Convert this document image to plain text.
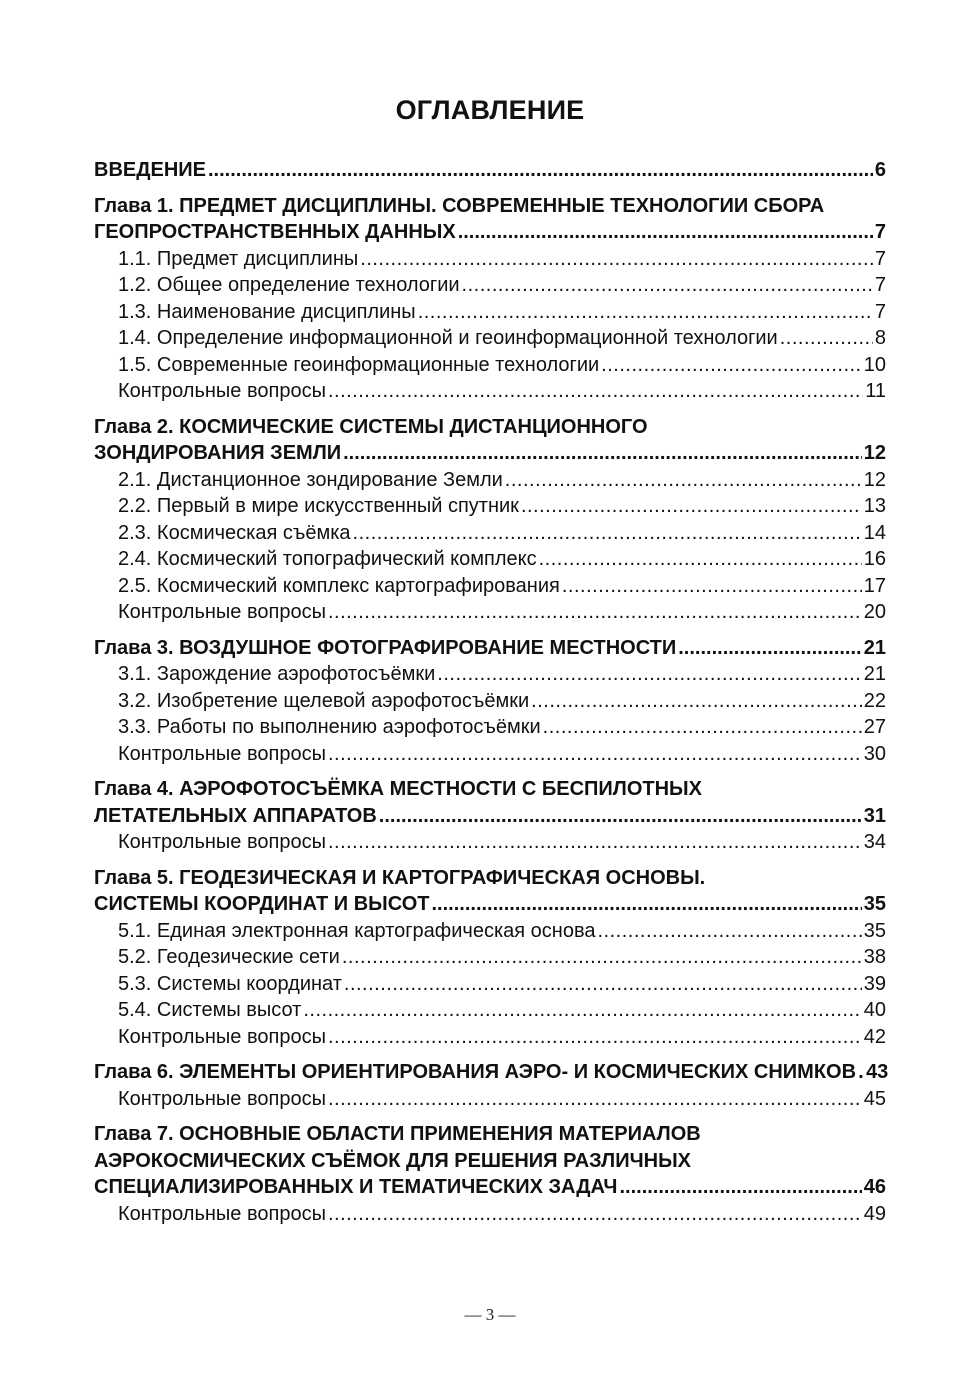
ОГЛАВЛЕНИЕ
ВВЕДЕНИЕ .....	6
Глава 1. ПРЕДМЕТ ДИСЦИПЛИНЫ. СОВРЕМЕННЫЕ ТЕХНОЛОГИИ СБОРА
ГЕОПРОСТРАНСТВЕННЫХ ДАННЫХ .....	7
1.1. Предмет дисциплины .....	7
1.2. Общее определение технологии .....	7
1.3. Наименование дисциплины .....	7
1.4. Определение информационной и геоинформационной технологии .....	8
1.5. Современные геоинформационные технологии .....	10
Контрольные вопросы .....	11
Глава 2. КОСМИЧЕСКИЕ СИСТЕМЫ ДИСТАНЦИОННОГО
ЗОНДИРОВАНИЯ ЗЕМЛИ .....	12
2.1. Дистанционное зондирование Земли .....	12
2.2. Первый в мире искусственный спутник .....	13
2.3. Космическая съёмка .....	14
2.4. Космический топографический комплекс .....	16
2.5. Космический комплекс картографирования .....	17
Контрольные вопросы .....	20
Глава 3. ВОЗДУШНОЕ ФОТОГРАФИРОВАНИЕ МЕСТНОСТИ .....	21
3.1. Зарождение аэрофотосъёмки .....	21
3.2. Изобретение щелевой аэрофотосъёмки .....	22
3.3. Работы по выполнению аэрофотосъёмки .....	27
Контрольные вопросы .....	30
Глава 4. АЭРОФОТОСЪЁМКА МЕСТНОСТИ С БЕСПИЛОТНЫХ
ЛЕТАТЕЛЬНЫХ АППАРАТОВ .....	31
Контрольные вопросы .....	34
Глава 5. ГЕОДЕЗИЧЕСКАЯ И КАРТОГРАФИЧЕСКАЯ ОСНОВЫ.
СИСТЕМЫ КООРДИНАТ И ВЫСОТ .....	35
5.1. Единая электронная картографическая основа .....	35
5.2. Геодезические сети .....	38
5.3. Системы координат .....	39
5.4. Системы высот .....	40
Контрольные вопросы .....	42
Глава 6. ЭЛЕМЕНТЫ ОРИЕНТИРОВАНИЯ АЭРО- И КОСМИЧЕСКИХ СНИМКОВ ..... 43
Контрольные вопросы .....	45
Глава 7. ОСНОВНЫЕ ОБЛАСТИ ПРИМЕНЕНИЯ МАТЕРИАЛОВ
АЭРОКОСМИЧЕСКИХ СЪЁМОК ДЛЯ РЕШЕНИЯ РАЗЛИЧНЫХ
СПЕЦИАЛИЗИРОВАННЫХ И ТЕМАТИЧЕСКИХ ЗАДАЧ .....	46
Контрольные вопросы .....	49
— 3 —
